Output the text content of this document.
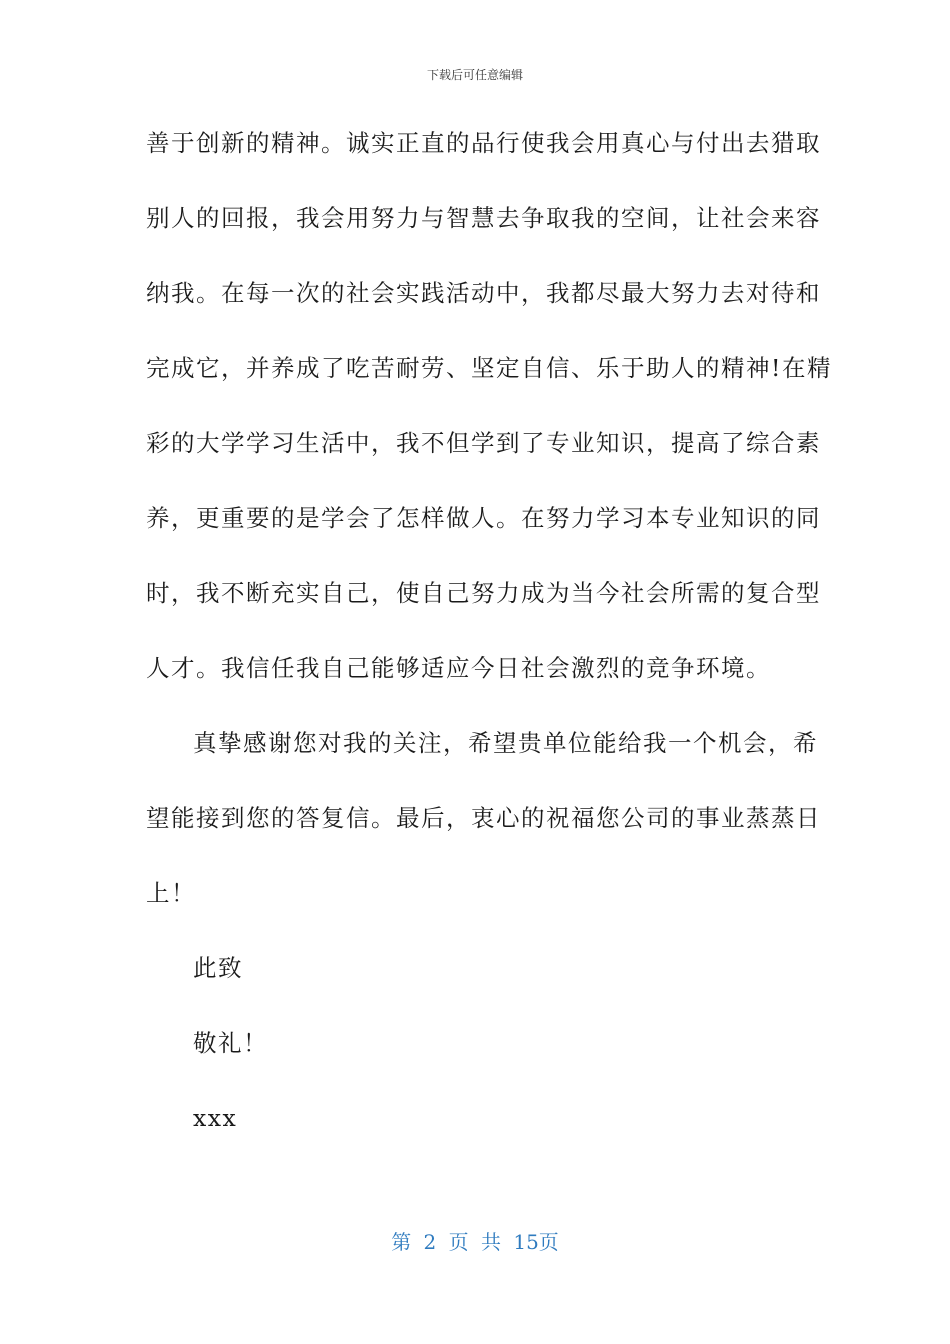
下载后可任意编辑
善于创新的精神。诚实正直的品行使我会用真心与付出去猎取
别人的回报，我会用努力与智慧去争取我的空间，让社会来容
纳我。在每一次的社会实践活动中，我都尽最大努力去对待和
完成它，并养成了吃苦耐劳、坚定自信、乐于助人的精神!在精
彩的大学学习生活中，我不但学到了专业知识，提高了综合素
养，更重要的是学会了怎样做人。在努力学习本专业知识的同
时，我不断充实自己，使自己努力成为当今社会所需的复合型
人才。我信任我自己能够适应今日社会激烈的竞争环境。
真挚感谢您对我的关注，希望贵单位能给我一个机会，希
望能接到您的答复信。最后，衷心的祝福您公司的事业蒸蒸日
上！
此致
敬礼！
xxx
第 2 页 共 15页
